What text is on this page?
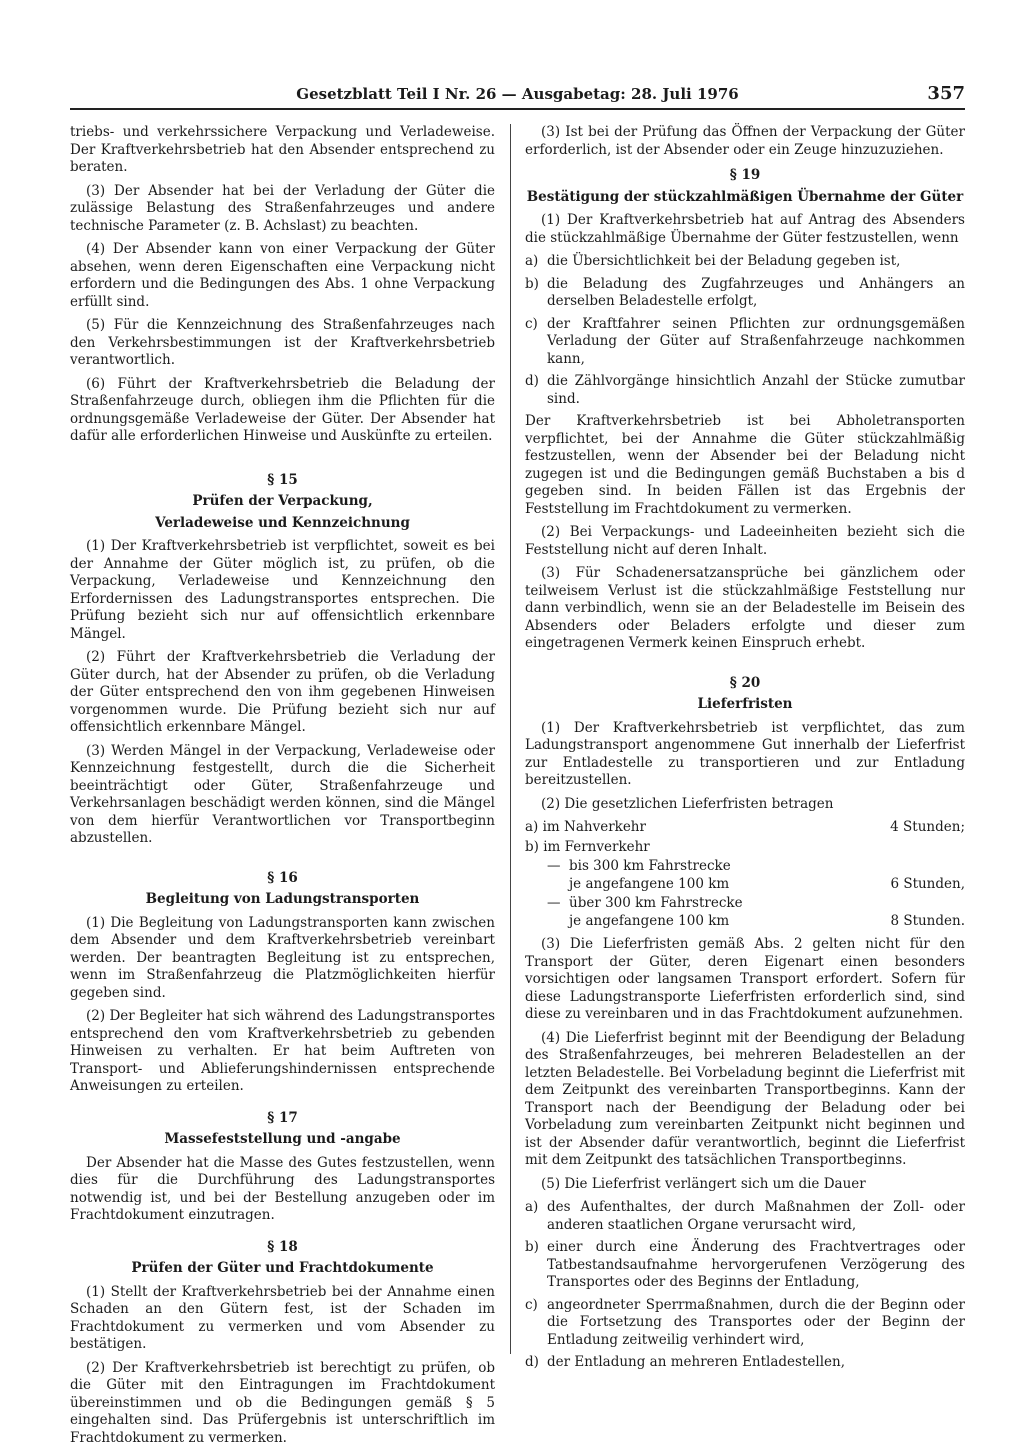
Gesetzblatt Teil I Nr. 26 — Ausgabetag: 28. Juli 1976	357

triebs- und verkehrssichere Verpackung und Verladeweise. Der Kraftverkehrsbetrieb hat den Absender entsprechend zu beraten.

(3) Der Absender hat bei der Verladung der Güter die zulässige Belastung des Straßenfahrzeuges und andere technische Parameter (z. B. Achslast) zu beachten.

(4) Der Absender kann von einer Verpackung der Güter absehen, wenn deren Eigenschaften eine Verpackung nicht erfordern und die Bedingungen des Abs. 1 ohne Verpackung erfüllt sind.

(5) Für die Kennzeichnung des Straßenfahrzeuges nach den Verkehrsbestimmungen ist der Kraftverkehrsbetrieb verantwortlich.

(6) Führt der Kraftverkehrsbetrieb die Beladung der Straßenfahrzeuge durch, obliegen ihm die Pflichten für die ordnungsgemäße Verladeweise der Güter. Der Absender hat dafür alle erforderlichen Hinweise und Auskünfte zu erteilen.

§ 15
Prüfen der Verpackung,
Verladeweise und Kennzeichnung

(1) Der Kraftverkehrsbetrieb ist verpflichtet, soweit es bei der Annahme der Güter möglich ist, zu prüfen, ob die Verpackung, Verladeweise und Kennzeichnung den Erfordernissen des Ladungstransportes entsprechen. Die Prüfung bezieht sich nur auf offensichtlich erkennbare Mängel.

(2) Führt der Kraftverkehrsbetrieb die Verladung der Güter durch, hat der Absender zu prüfen, ob die Verladung der Güter entsprechend den von ihm gegebenen Hinweisen vorgenommen wurde. Die Prüfung bezieht sich nur auf offensichtlich erkennbare Mängel.

(3) Werden Mängel in der Verpackung, Verladeweise oder Kennzeichnung festgestellt, durch die die Sicherheit beeinträchtigt oder Güter, Straßenfahrzeuge und Verkehrsanlagen beschädigt werden können, sind die Mängel von dem hierfür Verantwortlichen vor Transportbeginn abzustellen.

§ 16
Begleitung von Ladungstransporten

(1) Die Begleitung von Ladungstransporten kann zwischen dem Absender und dem Kraftverkehrsbetrieb vereinbart werden. Der beantragten Begleitung ist zu entsprechen, wenn im Straßenfahrzeug die Platzmöglichkeiten hierfür gegeben sind.

(2) Der Begleiter hat sich während des Ladungstransportes entsprechend den vom Kraftverkehrsbetrieb zu gebenden Hinweisen zu verhalten. Er hat beim Auftreten von Transport- und Ablieferungshindernissen entsprechende Anweisungen zu erteilen.

§ 17
Massefeststellung und -angabe

Der Absender hat die Masse des Gutes festzustellen, wenn dies für die Durchführung des Ladungstransportes notwendig ist, und bei der Bestellung anzugeben oder im Frachtdokument einzutragen.

§ 18
Prüfen der Güter und Frachtdokumente

(1) Stellt der Kraftverkehrsbetrieb bei der Annahme einen Schaden an den Gütern fest, ist der Schaden im Frachtdokument zu vermerken und vom Absender zu bestätigen.

(2) Der Kraftverkehrsbetrieb ist berechtigt zu prüfen, ob die Güter mit den Eintragungen im Frachtdokument übereinstimmen und ob die Bedingungen gemäß § 5 eingehalten sind. Das Prüfergebnis ist unterschriftlich im Frachtdokument zu vermerken.

(3) Ist bei der Prüfung das Öffnen der Verpackung der Güter erforderlich, ist der Absender oder ein Zeuge hinzuzuziehen.

§ 19
Bestätigung der stückzahlmäßigen Übernahme der Güter

(1) Der Kraftverkehrsbetrieb hat auf Antrag des Absenders die stückzahlmäßige Übernahme der Güter festzustellen, wenn

a) die Übersichtlichkeit bei der Beladung gegeben ist,
b) die Beladung des Zugfahrzeuges und Anhängers an derselben Beladestelle erfolgt,
c) der Kraftfahrer seinen Pflichten zur ordnungsgemäßen Verladung der Güter auf Straßenfahrzeuge nachkommen kann,
d) die Zählvorgänge hinsichtlich Anzahl der Stücke zumutbar sind.

Der Kraftverkehrsbetrieb ist bei Abholetransporten verpflichtet, bei der Annahme die Güter stückzahlmäßig festzustellen, wenn der Absender bei der Beladung nicht zugegen ist und die Bedingungen gemäß Buchstaben a bis d gegeben sind. In beiden Fällen ist das Ergebnis der Feststellung im Frachtdokument zu vermerken.

(2) Bei Verpackungs- und Ladeeinheiten bezieht sich die Feststellung nicht auf deren Inhalt.

(3) Für Schadenersatzansprüche bei gänzlichem oder teilweisem Verlust ist die stückzahlmäßige Feststellung nur dann verbindlich, wenn sie an der Beladestelle im Beisein des Absenders oder Beladers erfolgte und dieser zum eingetragenen Vermerk keinen Einspruch erhebt.

§ 20
Lieferfristen

(1) Der Kraftverkehrsbetrieb ist verpflichtet, das zum Ladungstransport angenommene Gut innerhalb der Lieferfrist zur Entladestelle zu transportieren und zur Entladung bereitzustellen.

(2) Die gesetzlichen Lieferfristen betragen

a) im Nahverkehr	4 Stunden;
b) im Fernverkehr
— bis 300 km Fahrstrecke
je angefangene 100 km	6 Stunden,
— über 300 km Fahrstrecke
je angefangene 100 km	8 Stunden.

(3) Die Lieferfristen gemäß Abs. 2 gelten nicht für den Transport der Güter, deren Eigenart einen besonders vorsichtigen oder langsamen Transport erfordert. Sofern für diese Ladungstransporte Lieferfristen erforderlich sind, sind diese zu vereinbaren und in das Frachtdokument aufzunehmen.

(4) Die Lieferfrist beginnt mit der Beendigung der Beladung des Straßenfahrzeuges, bei mehreren Beladestellen an der letzten Beladestelle. Bei Vorbeladung beginnt die Lieferfrist mit dem Zeitpunkt des vereinbarten Transportbeginns. Kann der Transport nach der Beendigung der Beladung oder bei Vorbeladung zum vereinbarten Zeitpunkt nicht beginnen und ist der Absender dafür verantwortlich, beginnt die Lieferfrist mit dem Zeitpunkt des tatsächlichen Transportbeginns.

(5) Die Lieferfrist verlängert sich um die Dauer

a) des Aufenthaltes, der durch Maßnahmen der Zoll- oder anderen staatlichen Organe verursacht wird,
b) einer durch eine Änderung des Frachtvertrages oder Tatbestandsaufnahme hervorgerufenen Verzögerung des Transportes oder des Beginns der Entladung,
c) angeordneter Sperrmaßnahmen, durch die der Beginn oder die Fortsetzung des Transportes oder der Beginn der Entladung zeitweilig verhindert wird,
d) der Entladung an mehreren Entladestellen,
